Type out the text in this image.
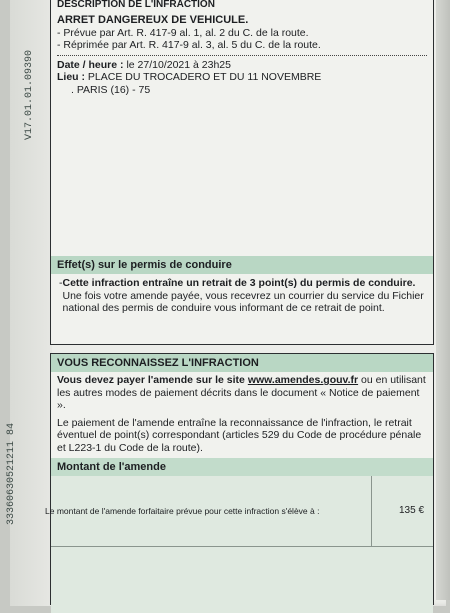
V17.01.01.09390
33360630521211 84
DESCRIPTION DE L'INFRACTION
ARRET DANGEREUX DE VEHICULE.
- Prévue par Art. R. 417-9 al. 1, al. 2 du C. de la route.
- Réprimée par Art. R. 417-9 al. 3, al. 5 du C. de la route.
Date / heure : le 27/10/2021 à 23h25
Lieu : PLACE DU TROCADERO ET DU 11 NOVEMBRE
. PARIS (16) - 75
Effet(s) sur le permis de conduire
- Cette infraction entraîne un retrait de 3 point(s) du permis de conduire. Une fois votre amende payée, vous recevrez un courrier du service du Fichier national des permis de conduire vous informant de ce retrait de point.
VOUS RECONNAISSEZ L'INFRACTION
Vous devez payer l'amende sur le site www.amendes.gouv.fr ou en utilisant les autres modes de paiement décrits dans le document « Notice de paiement ».
Le paiement de l'amende entraîne la reconnaissance de l'infraction, le retrait éventuel de point(s) correspondant (articles 529 du Code de procédure pénale et L223-1 du Code de la route).
Montant de l'amende
Le montant de l'amende forfaitaire prévue pour cette infraction s'élève à :	135 €
